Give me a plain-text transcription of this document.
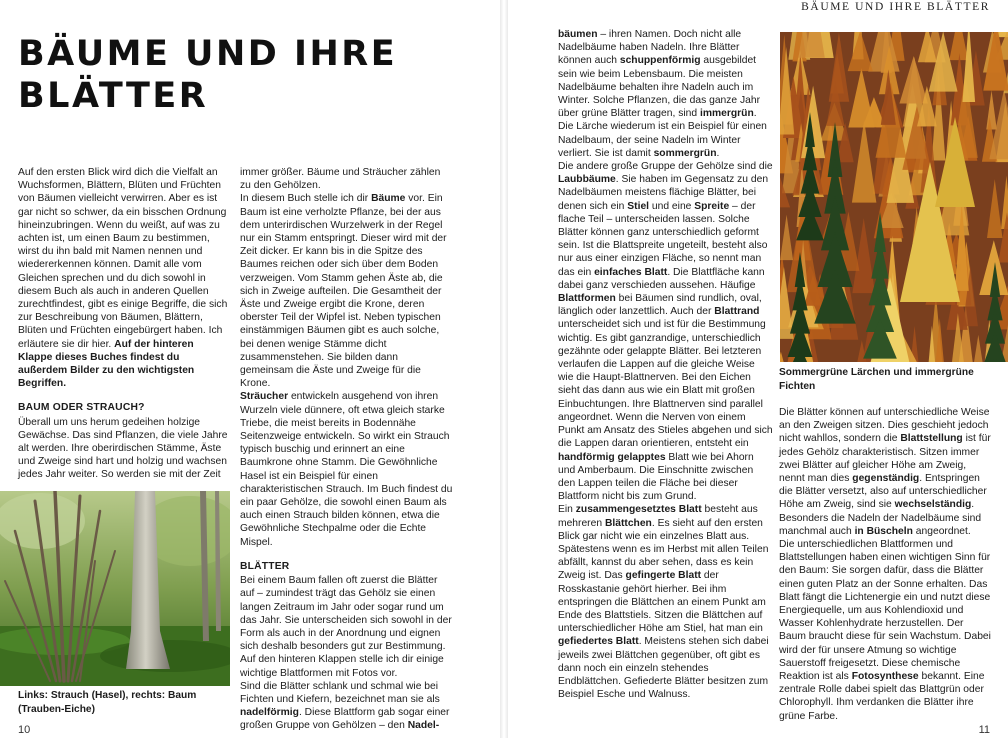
BÄUME UND IHRE
BLÄTTER

Auf den ersten Blick wird dich die Vielfalt an Wuchsformen, Blättern, Blüten und Früchten von Bäumen vielleicht verwirren. Aber es ist gar nicht so schwer, da ein bisschen Ordnung hineinzubringen. Wenn du weißt, auf was zu achten ist, um einen Baum zu bestimmen, wirst du ihn bald mit Namen nennen und wiedererkennen können. Damit alle vom Gleichen sprechen und du dich sowohl in diesem Buch als auch in anderen Quellen zurechtfindest, gibt es einige Begriffe, die sich zur Beschreibung von Bäumen, Blättern, Blüten und Früchten eingebürgert haben. Ich erläutere sie dir hier. Auf der hinteren Klappe dieses Buches findest du außerdem Bilder zu den wichtigsten Begriffen.

BAUM ODER STRAUCH?

Überall um uns herum gedeihen holzige Gewächse. Das sind Pflanzen, die viele Jahre alt werden. Ihre oberirdischen Stämme, Äste und Zweige sind hart und holzig und wachsen jedes Jahr weiter. So werden sie mit der Zeit

immer größer. Bäume und Sträucher zählen zu den Gehölzen.

In diesem Buch stelle ich dir Bäume vor. Ein Baum ist eine verholzte Pflanze, bei der aus dem unterirdischen Wurzelwerk in der Regel nur ein Stamm entspringt. Dieser wird mit der Zeit dicker. Er kann bis in die Spitze des Baumes reichen oder sich über dem Boden verzweigen. Vom Stamm gehen Äste ab, die sich in Zweige aufteilen. Die Gesamtheit der Äste und Zweige ergibt die Krone, deren oberster Teil der Wipfel ist. Neben typischen einstämmigen Bäumen gibt es auch solche, bei denen wenige Stämme dicht zusammenstehen. Sie bilden dann gemeinsam die Äste und Zweige für die Krone.

Sträucher entwickeln ausgehend von ihren Wurzeln viele dünnere, oft etwa gleich starke Triebe, die meist bereits in Bodennähe Seitenzweige entwickeln. So wirkt ein Strauch typisch buschig und erinnert an eine Baumkrone ohne Stamm. Die Gewöhnliche Hasel ist ein Beispiel für einen charakteristischen Strauch. Im Buch findest du ein paar Gehölze, die sowohl einen Baum als auch einen Strauch bilden können, etwa die Gewöhnliche Stechpalme oder die Echte Mispel.

BLÄTTER

Bei einem Baum fallen oft zuerst die Blätter auf – zumindest trägt das Gehölz sie einen langen Zeitraum im Jahr oder sogar rund um das Jahr. Sie unterscheiden sich sowohl in der Form als auch in der Anordnung und eignen sich deshalb besonders gut zur Bestimmung. Auf den hinteren Klappen stelle ich dir einige wichtige Blattformen mit Fotos vor.

Sind die Blätter schlank und schmal wie bei Fichten und Kiefern, bezeichnet man sie als nadelförmig. Diese Blattform gab sogar einer großen Gruppe von Gehölzen – den Nadel-

Links: Strauch (Hasel), rechts: Baum (Trauben-Eiche)
10
BÄUME UND IHRE BLÄTTER

bäumen – ihren Namen. Doch nicht alle Nadelbäume haben Nadeln. Ihre Blätter können auch schuppenförmig ausgebildet sein wie beim Lebensbaum. Die meisten Nadelbäume behalten ihre Nadeln auch im Winter. Solche Pflanzen, die das ganze Jahr über grüne Blätter tragen, sind immergrün. Die Lärche wiederum ist ein Beispiel für einen Nadelbaum, der seine Nadeln im Winter verliert. Sie ist damit sommergrün.

Die andere große Gruppe der Gehölze sind die Laubbäume. Sie haben im Gegensatz zu den Nadelbäumen meistens flächige Blätter, bei denen sich ein Stiel und eine Spreite – der flache Teil – unterscheiden lassen. Solche Blätter können ganz unterschiedlich geformt sein. Ist die Blattspreite ungeteilt, besteht also nur aus einer einzigen Fläche, so nennt man das ein einfaches Blatt. Die Blattfläche kann dabei ganz verschieden aussehen. Häufige Blattformen bei Bäumen sind rundlich, oval, länglich oder lanzettlich. Auch der Blattrand unterscheidet sich und ist für die Bestimmung wichtig. Es gibt ganzrandige, unterschiedlich gezähnte oder gelappte Blätter. Bei letzteren verlaufen die Lappen auf die gleiche Weise wie die Haupt-Blattnerven. Bei den Eichen sieht das dann aus wie ein Blatt mit großen Einbuchtungen. Ihre Blattnerven sind parallel angeordnet. Wenn die Nerven von einem Punkt am Ansatz des Stieles abgehen und sich die Lappen daran orientieren, entsteht ein handförmig gelapptes Blatt wie bei Ahorn und Amberbaum. Die Einschnitte zwischen den Lappen teilen die Fläche bei dieser Blattform nicht bis zum Grund.

Ein zusammengesetztes Blatt besteht aus mehreren Blättchen. Es sieht auf den ersten Blick gar nicht wie ein einzelnes Blatt aus. Spätestens wenn es im Herbst mit allen Teilen abfällt, kannst du aber sehen, dass es kein Zweig ist. Das gefingerte Blatt der Rosskastanie gehört hierher. Bei ihm entspringen die Blättchen an einem Punkt am Ende des Blattstiels. Sitzen die Blättchen auf unterschiedlicher Höhe am Stiel, hat man ein gefiedertes Blatt. Meistens stehen sich dabei jeweils zwei Blättchen gegenüber, oft gibt es dann noch ein einzeln stehendes Endblättchen. Gefiederte Blätter besitzen zum Beispiel Esche und Walnuss.

Sommergrüne Lärchen und immergrüne Fichten

Die Blätter können auf unterschiedliche Weise an den Zweigen sitzen. Dies geschieht jedoch nicht wahllos, sondern die Blattstellung ist für jedes Gehölz charakteristisch. Sitzen immer zwei Blätter auf gleicher Höhe am Zweig, nennt man dies gegenständig. Entspringen die Blätter versetzt, also auf unterschiedlicher Höhe am Zweig, sind sie wechselständig. Besonders die Nadeln der Nadelbäume sind manchmal auch in Büscheln angeordnet.

Die unterschiedlichen Blattformen und Blattstellungen haben einen wichtigen Sinn für den Baum: Sie sorgen dafür, dass die Blätter einen guten Platz an der Sonne erhalten. Das Blatt fängt die Lichtenergie ein und nutzt diese Energiequelle, um aus Kohlendioxid und Wasser Kohlenhydrate herzustellen. Der Baum braucht diese für sein Wachstum. Dabei wird der für unsere Atmung so wichtige Sauerstoff freigesetzt. Diese chemische Reaktion ist als Fotosynthese bekannt. Eine zentrale Rolle dabei spielt das Blattgrün oder Chlorophyll. Ihm verdanken die Blätter ihre grüne Farbe.

11
